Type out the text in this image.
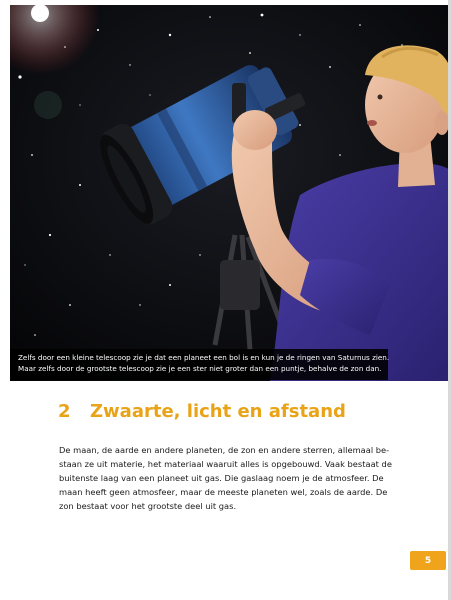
Zelfs door een kleine telescoop zie je dat een planeet een bol is en kun je de ringen van Saturnus zien.

Maar zelfs door de grootste telescoop zie je een ster niet groter dan een puntje, behalve de zon dan.

2 Zwaarte, licht en afstand

De maan, de aarde en andere planeten, de zon en andere sterren, allemaal be-

staan ze uit materie, het materiaal waaruit alles is opgebouwd. Vaak bestaat de

buitenste laag van een planeet uit gas. Die gaslaag noem je de atmosfeer. De

maan heeft geen atmosfeer, maar de meeste planeten wel, zoals de aarde. De

zon bestaat voor het grootste deel uit gas.

5
